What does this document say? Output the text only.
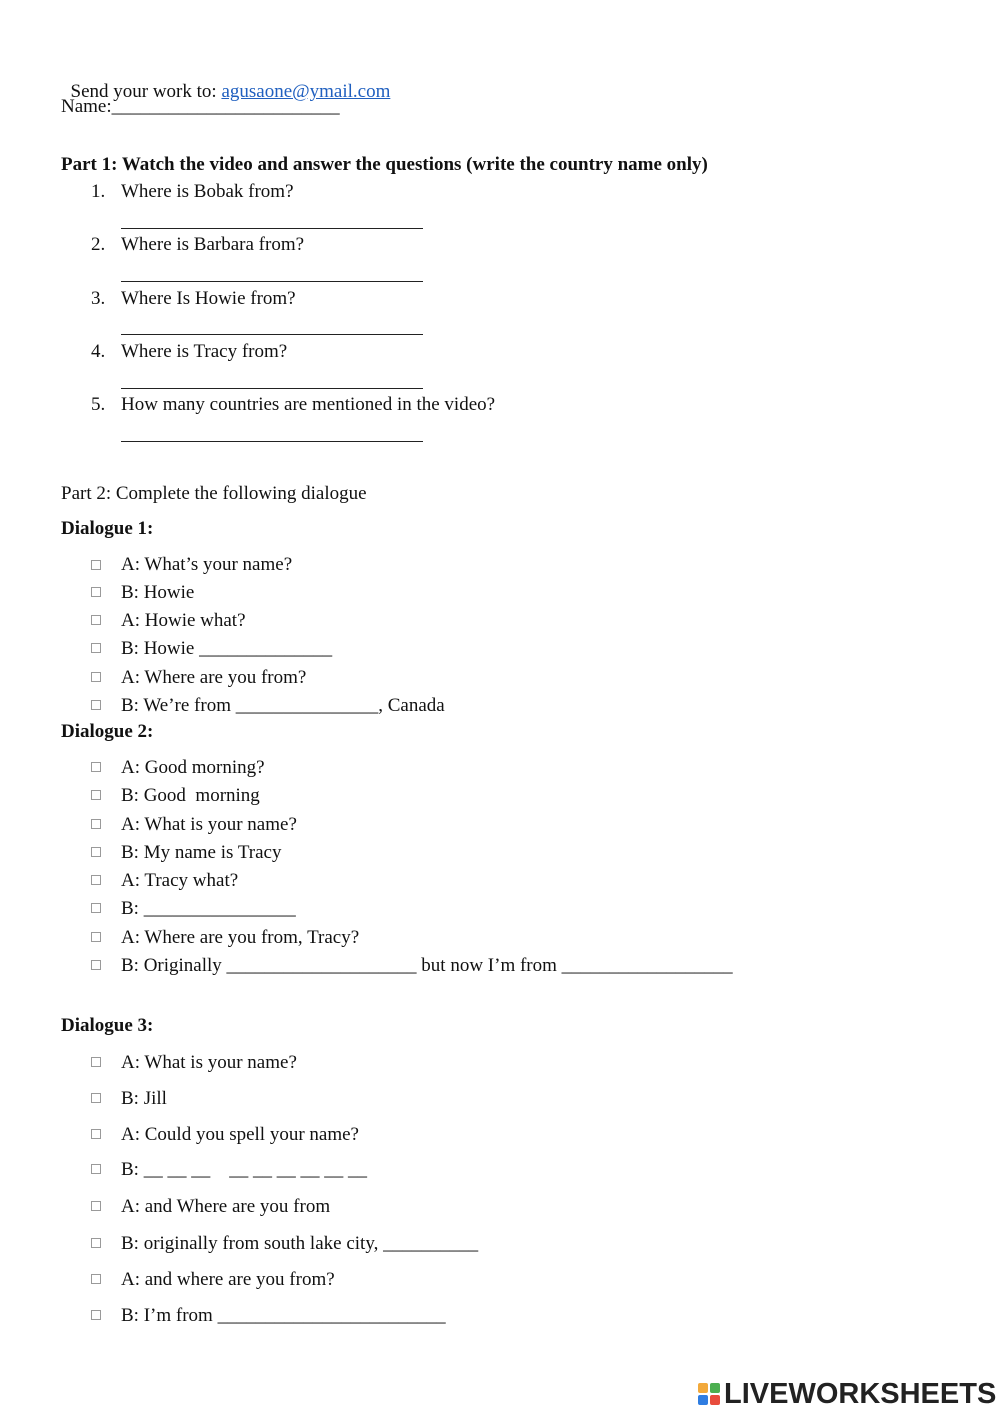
Send your work to: agusaone@ymail.com

Name:________________________
Part 1: Watch the video and answer the questions (write the country name only)
1. Where is Bobak from?
2. Where is Barbara from?
3. Where Is Howie from?
4. Where is Tracy from?
5. How many countries are mentioned in the video?
Part 2: Complete the following dialogue
Dialogue 1:
A: What’s your name?
B: Howie
A: Howie what?
B: Howie ______________
A: Where are you from?
B: We’re from _______________, Canada
Dialogue 2:
A: Good morning?
B: Good  morning
A: What is your name?
B: My name is Tracy
A: Tracy what?
B: ________________
A: Where are you from, Tracy?
B: Originally ____________________ but now I’m from __________________
Dialogue 3:
A: What is your name?
B: Jill
A: Could you spell your name?
B: __ __ __    __ __ __ __ __ __
A: and Where are you from
B: originally from south lake city, __________
A: and where are you from?
B: I’m from ________________________
LIVEWORKSHEETS
